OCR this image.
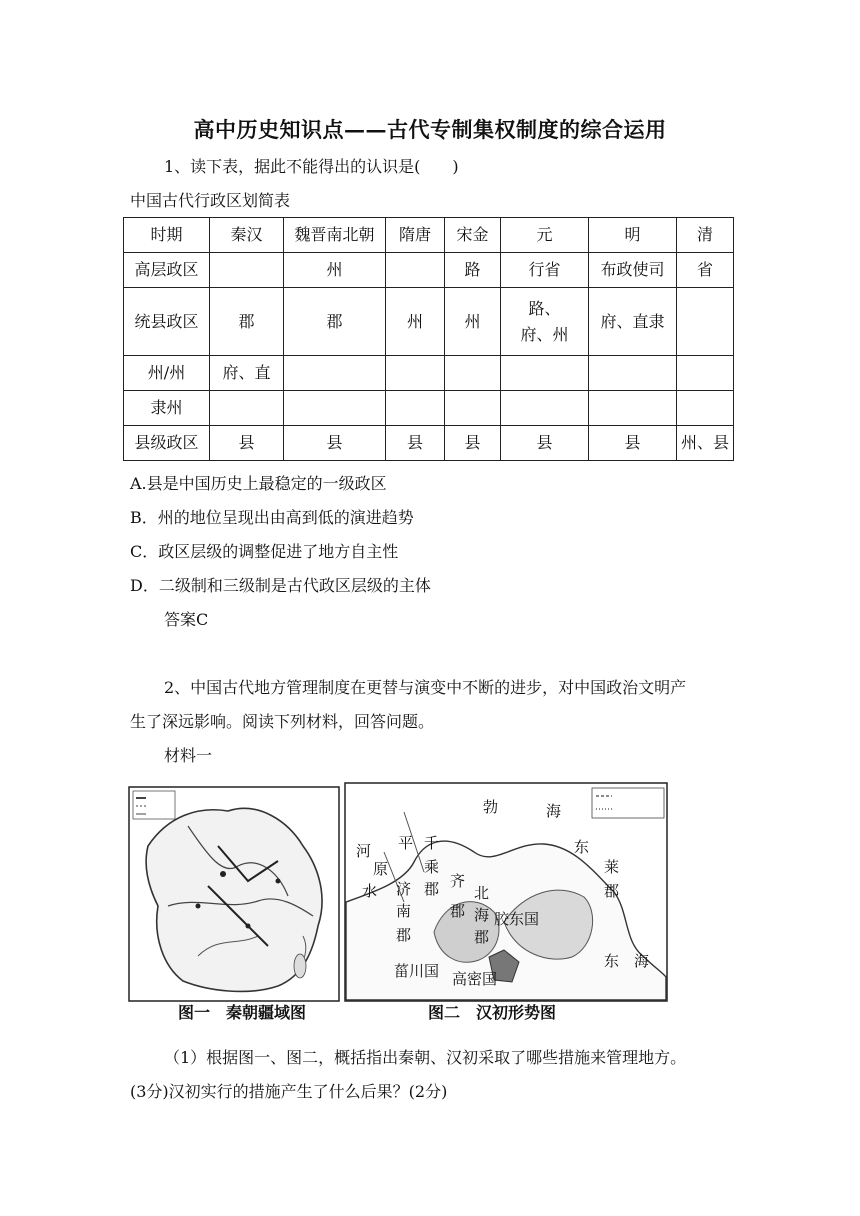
高中历史知识点——古代专制集权制度的综合运用
1、读下表，据此不能得出的认识是(　　)
中国古代行政区划简表
时期	秦汉	魏晋南北朝	隋唐	宋金	元	明	清
高层政区		州		路	行省	布政使司	省
统县政区	郡	郡	州	州	路、府、州	府、直隶	
州/州	府、直						
隶州							
县级政区	县	县	县	县	县	县	州、县
A.县是中国历史上最稳定的一级政区
B．州的地位呈现出由高到低的演进趋势
C．政区层级的调整促进了地方自主性
D．二级制和三级制是古代政区层级的主体
答案C
2、中国古代地方管理制度在更替与演变中不断的进步，对中国政治文明产
生了深远影响。阅读下列材料，回答问题。
材料一
勃	海
河 平 千
原 乘
水 济 郡 齐
北
南	郡 海
郡
东
莱
郡
胶东国
郡
菑川国 高密国
东　海
图一　秦朝疆域图	图二　汉初形势图
（1）根据图一、图二，概括指出秦朝、汉初采取了哪些措施来管理地方。
(3分)汉初实行的措施产生了什么后果？(2分)
